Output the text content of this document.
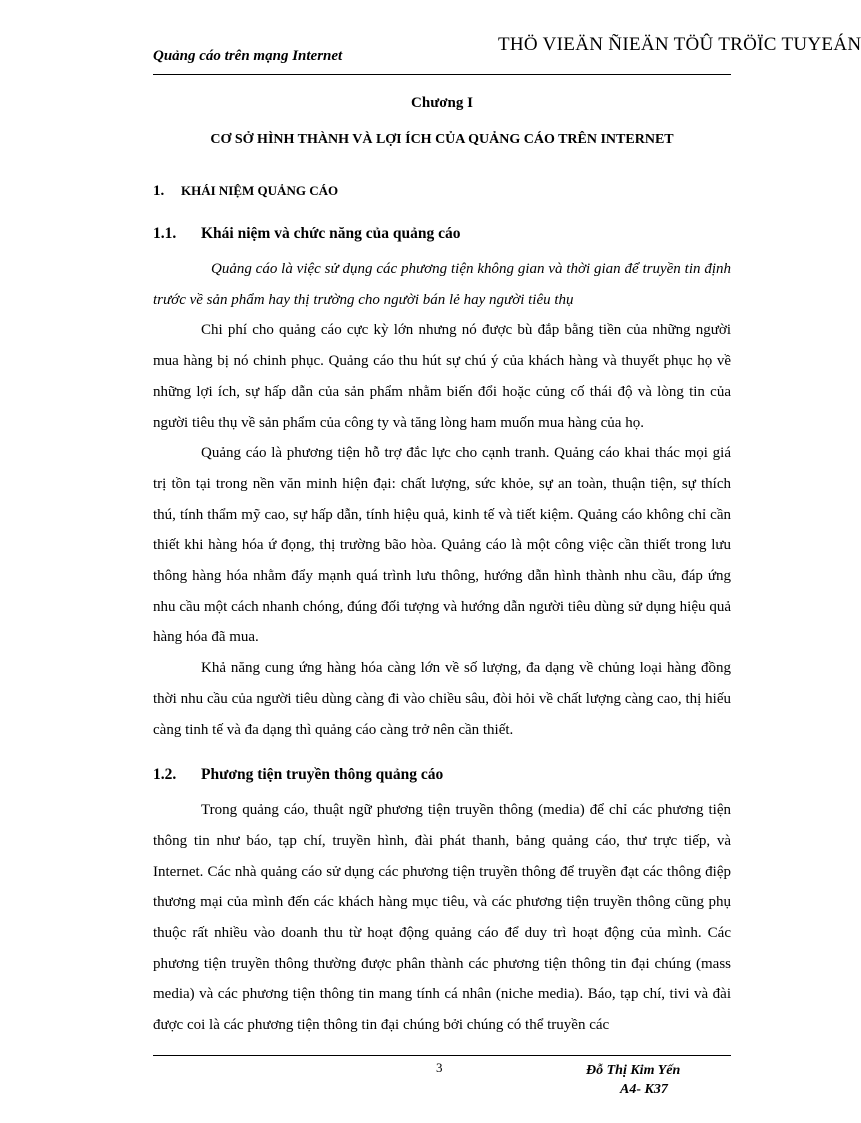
Quảng cáo trên mạng Internet
THÖ VIEÄN ÑIEÄN TÖÛ TRÖÏC TUYEÁN
Chương I
CƠ SỞ HÌNH THÀNH VÀ LỢI ÍCH CỦA QUẢNG CÁO TRÊN INTERNET
1. KHÁI NIỆM QUẢNG CÁO
1.1. Khái niệm và chức năng của quảng cáo

Quảng cáo là việc sử dụng các phương tiện không gian và thời gian để truyền tin định trước về sản phẩm hay thị trường cho người bán lẻ hay người tiêu thụ

Chi phí cho quảng cáo cực kỳ lớn nhưng nó được bù đắp bằng tiền của những người mua hàng bị nó chinh phục. Quảng cáo thu hút sự chú ý của khách hàng và thuyết phục họ về những lợi ích, sự hấp dẫn của sản phẩm nhằm biến đổi hoặc củng cố thái độ và lòng tin của người tiêu thụ về sản phẩm của công ty và tăng lòng ham muốn mua hàng của họ.

Quảng cáo là phương tiện hỗ trợ đắc lực cho cạnh tranh. Quảng cáo khai thác mọi giá trị tồn tại trong nền văn minh hiện đại: chất lượng, sức khỏe, sự an toàn, thuận tiện, sự thích thú, tính thẩm mỹ cao, sự hấp dẫn, tính hiệu quả, kinh tế và tiết kiệm. Quảng cáo không chỉ cần thiết khi hàng hóa ứ đọng, thị trường bão hòa. Quảng cáo là một công việc cần thiết trong lưu thông hàng hóa nhằm đẩy mạnh quá trình lưu thông, hướng dẫn hình thành nhu cầu, đáp ứng nhu cầu một cách nhanh chóng, đúng đối tượng và hướng dẫn người tiêu dùng sử dụng hiệu quả hàng hóa đã mua.

Khả năng cung ứng hàng hóa càng lớn về số lượng, đa dạng về chủng loại hàng đồng thời nhu cầu của người tiêu dùng càng đi vào chiều sâu, đòi hỏi về chất lượng càng cao, thị hiếu càng tinh tế và đa dạng thì quảng cáo càng trở nên cần thiết.

1.2. Phương tiện truyền thông quảng cáo

Trong quảng cáo, thuật ngữ phương tiện truyền thông (media) để chỉ các phương tiện thông tin như báo, tạp chí, truyền hình, đài phát thanh, bảng quảng cáo, thư trực tiếp, và Internet. Các nhà quảng cáo sử dụng các phương tiện truyền thông để truyền đạt các thông điệp thương mại của mình đến các khách hàng mục tiêu, và các phương tiện truyền thông cũng phụ thuộc rất nhiều vào doanh thu từ hoạt động quảng cáo để duy trì hoạt động của mình. Các phương tiện truyền thông thường được phân thành các phương tiện thông tin đại chúng (mass media) và các phương tiện thông tin mang tính cá nhân (niche media). Báo, tạp chí, tivi và đài được coi là các phương tiện thông tin đại chúng bởi chúng có thể truyền các

3	Đỗ Thị Kim Yến
A4- K37
